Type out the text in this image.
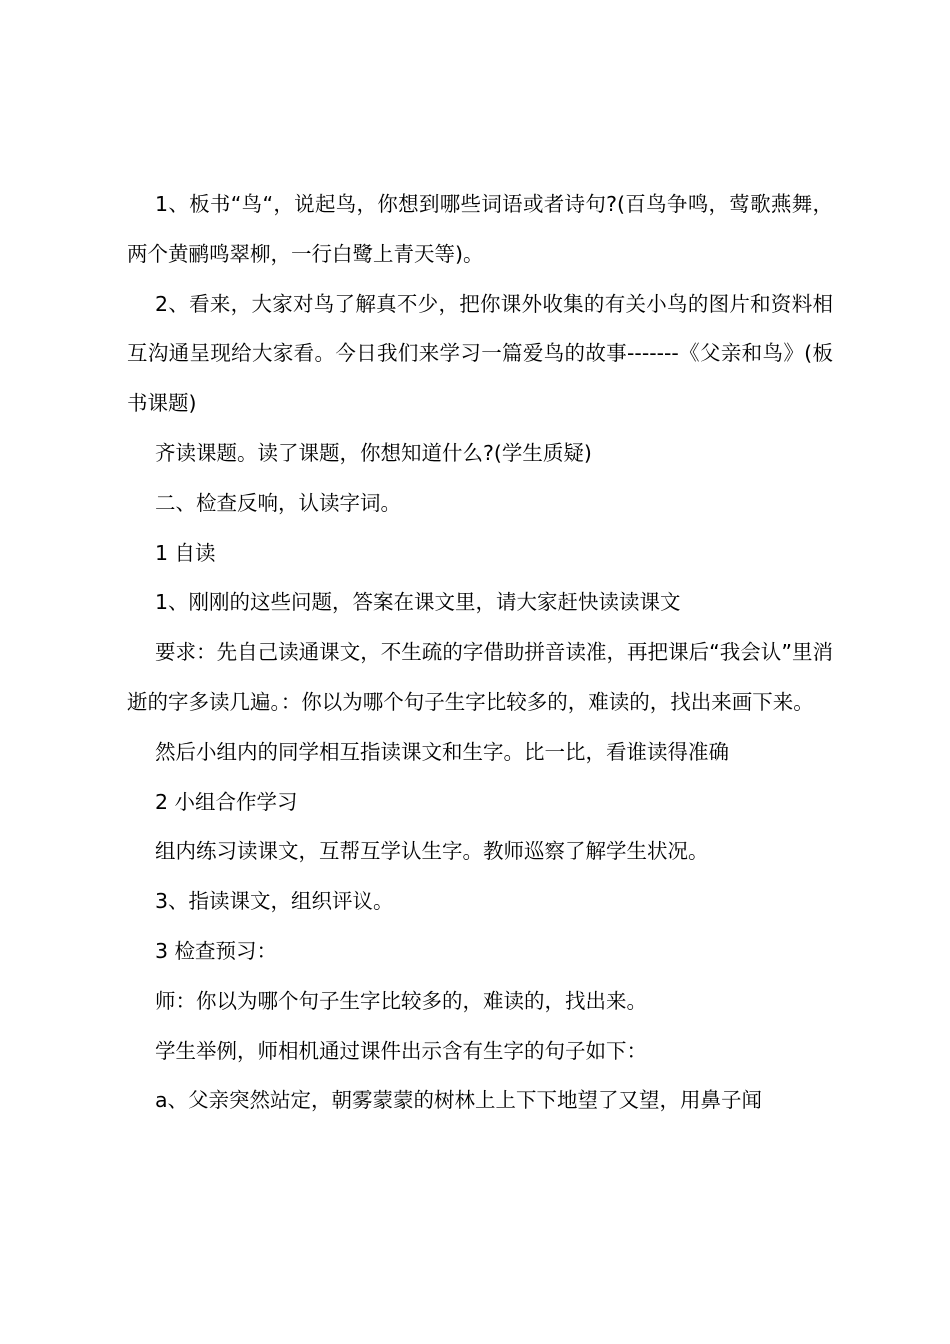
1、板书“鸟“，说起鸟，你想到哪些词语或者诗句?(百鸟争鸣，莺歌燕舞，两个黄鹂鸣翠柳，一行白鹭上青天等)。

2、看来，大家对鸟了解真不少，把你课外收集的有关小鸟的图片和资料相互沟通呈现给大家看。今日我们来学习一篇爱鸟的故事-------《父亲和鸟》(板书课题)

齐读课题。读了课题，你想知道什么?(学生质疑)

二、检查反响，认读字词。

1 自读

1、刚刚的这些问题，答案在课文里，请大家赶快读读课文

要求：先自己读通课文，不生疏的字借助拼音读准，再把课后“我会认”里消逝的字多读几遍。：你以为哪个句子生字比较多的，难读的，找出来画下来。

然后小组内的同学相互指读课文和生字。比一比，看谁读得准确

2 小组合作学习

组内练习读课文，互帮互学认生字。教师巡察了解学生状况。

3、指读课文，组织评议。

3 检查预习：

师：你以为哪个句子生字比较多的，难读的，找出来。

学生举例，师相机通过课件出示含有生字的句子如下：

a、父亲突然站定，朝雾蒙蒙的树林上上下下地望了又望，用鼻子闻
